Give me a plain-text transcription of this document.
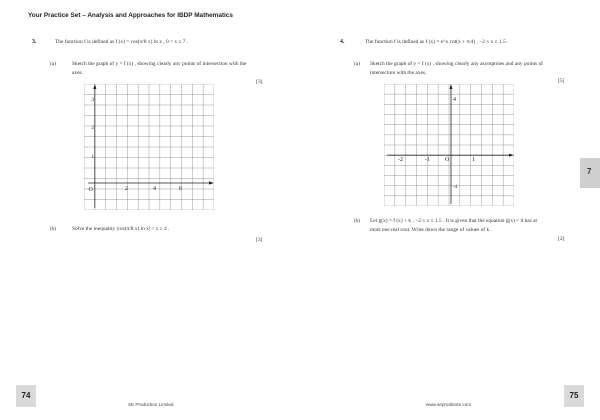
Your Practice Set – Analysis and Approaches for IBDP Mathematics
3.	The function f is defined as f (x) = cos(π/8 x) ln x , 0 < x ≤ 7 .
(a)	Sketch the graph of y = f (x) , showing clearly any points of intersection with the
axes.
[3]
O	2	4	6
1
2
3
(b)	Solve the inequality |cos(π/8 x) ln x| < x ≥ 4 .
[3]
4.	The function f is defined as f (x) = e^x cot(x + π/4) , −2 ≤ x ≤ 1.5 .
(a) Sketch the graph of y = f (x) , showing clearly any asymptotes and any points of
intersection with the axes.
[5]
-2	-1	O	1
4
-4
(b) Let g(x) = f (x) + k , −2 ≤ x ≤ 1.5 . It is given that the equation g(x) = 0 has at
most one real root. Write down the range of values of k .
[2]
7
74	75
SE Production Limited	www.seprodstore.com
